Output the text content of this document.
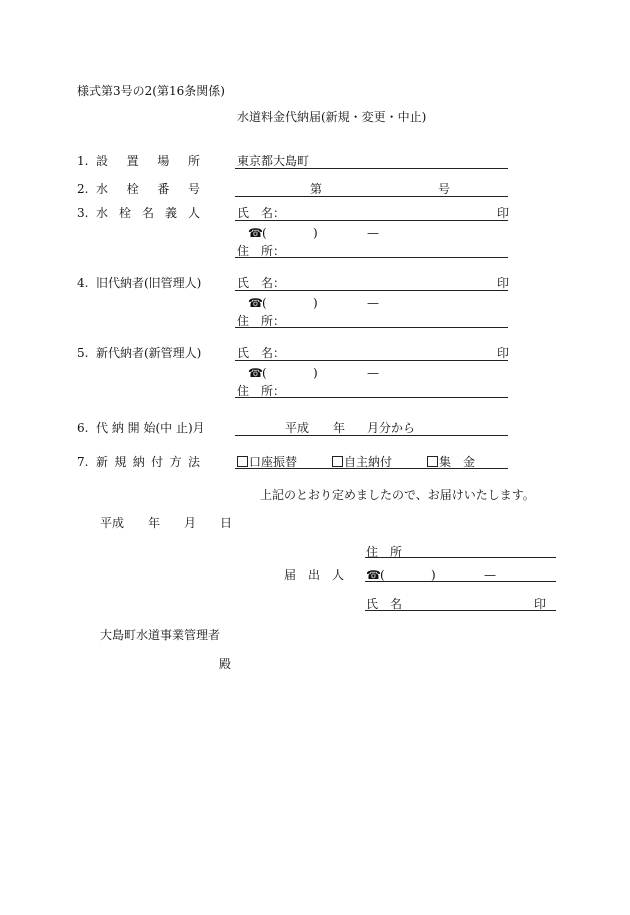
様式第3号の2(第16条関係)
水道料金代納届(新規・変更・中止)
1. 設 置 場 所	東京都大島町
2. 水 栓 番 号	第	号
3. 水 栓 名 義 人	氏　名：	印
☎ (	)	—
住　所：
4. 旧代納者(旧管理人)	氏　名：	印
☎ (	)	—
住　所：
5. 新代納者(新管理人)	氏　名：	印
☎ (	)	—
住　所：
6. 代 納 開 始(中 止)月	平成 年 月分から
7. 新 規 納 付 方 法	口座振替	自主納付	集　金
上記のとおり定めましたので、お届けいたします。
平成 年 月 日
住　所
届　出　人 ☎ (	)	—
氏　名	印
大島町水道事業管理者
殿
